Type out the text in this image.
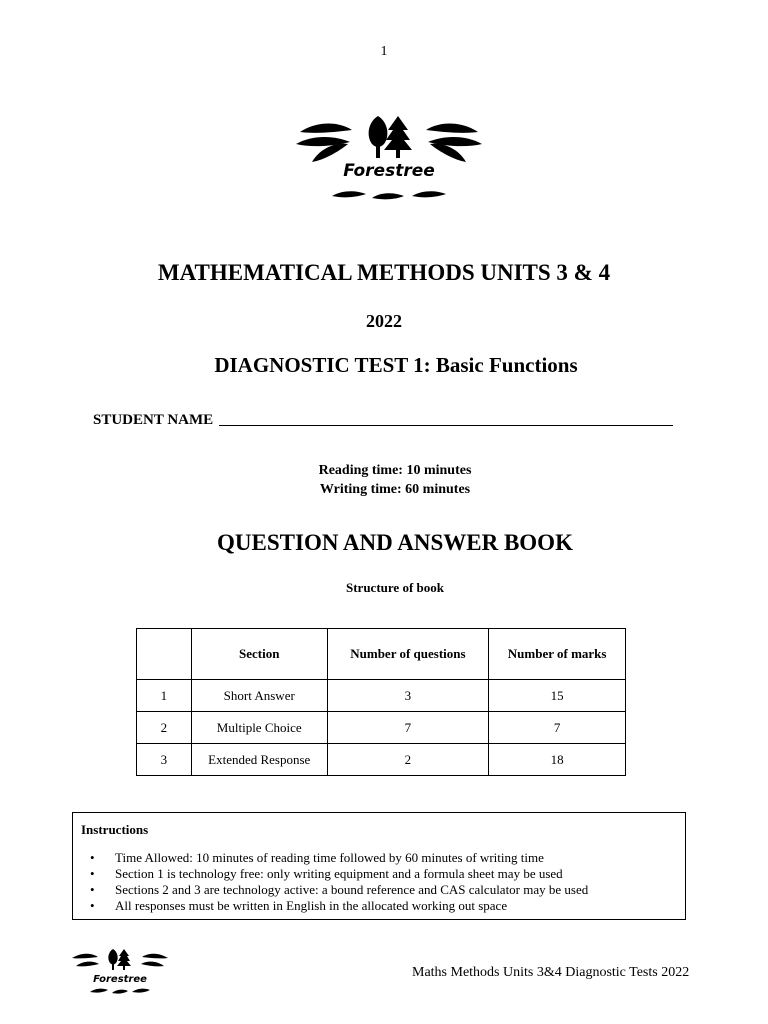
1
Forestree
MATHEMATICAL METHODS UNITS 3 & 4
2022
DIAGNOSTIC TEST 1: Basic Functions
STUDENT NAME
Reading time: 10 minutes
Writing time: 60 minutes
QUESTION AND ANSWER BOOK
Structure of book
	Section	Number of questions	Number of marks
1	Short Answer	3	15
2	Multiple Choice	7	7
3	Extended Response	2	18
Instructions
• Time Allowed: 10 minutes of reading time followed by 60 minutes of writing time
• Section 1 is technology free: only writing equipment and a formula sheet may be used
• Sections 2 and 3 are technology active: a bound reference and CAS calculator may be used
• All responses must be written in English in the allocated working out space
Forestree	Maths Methods Units 3&4 Diagnostic Tests 2022
